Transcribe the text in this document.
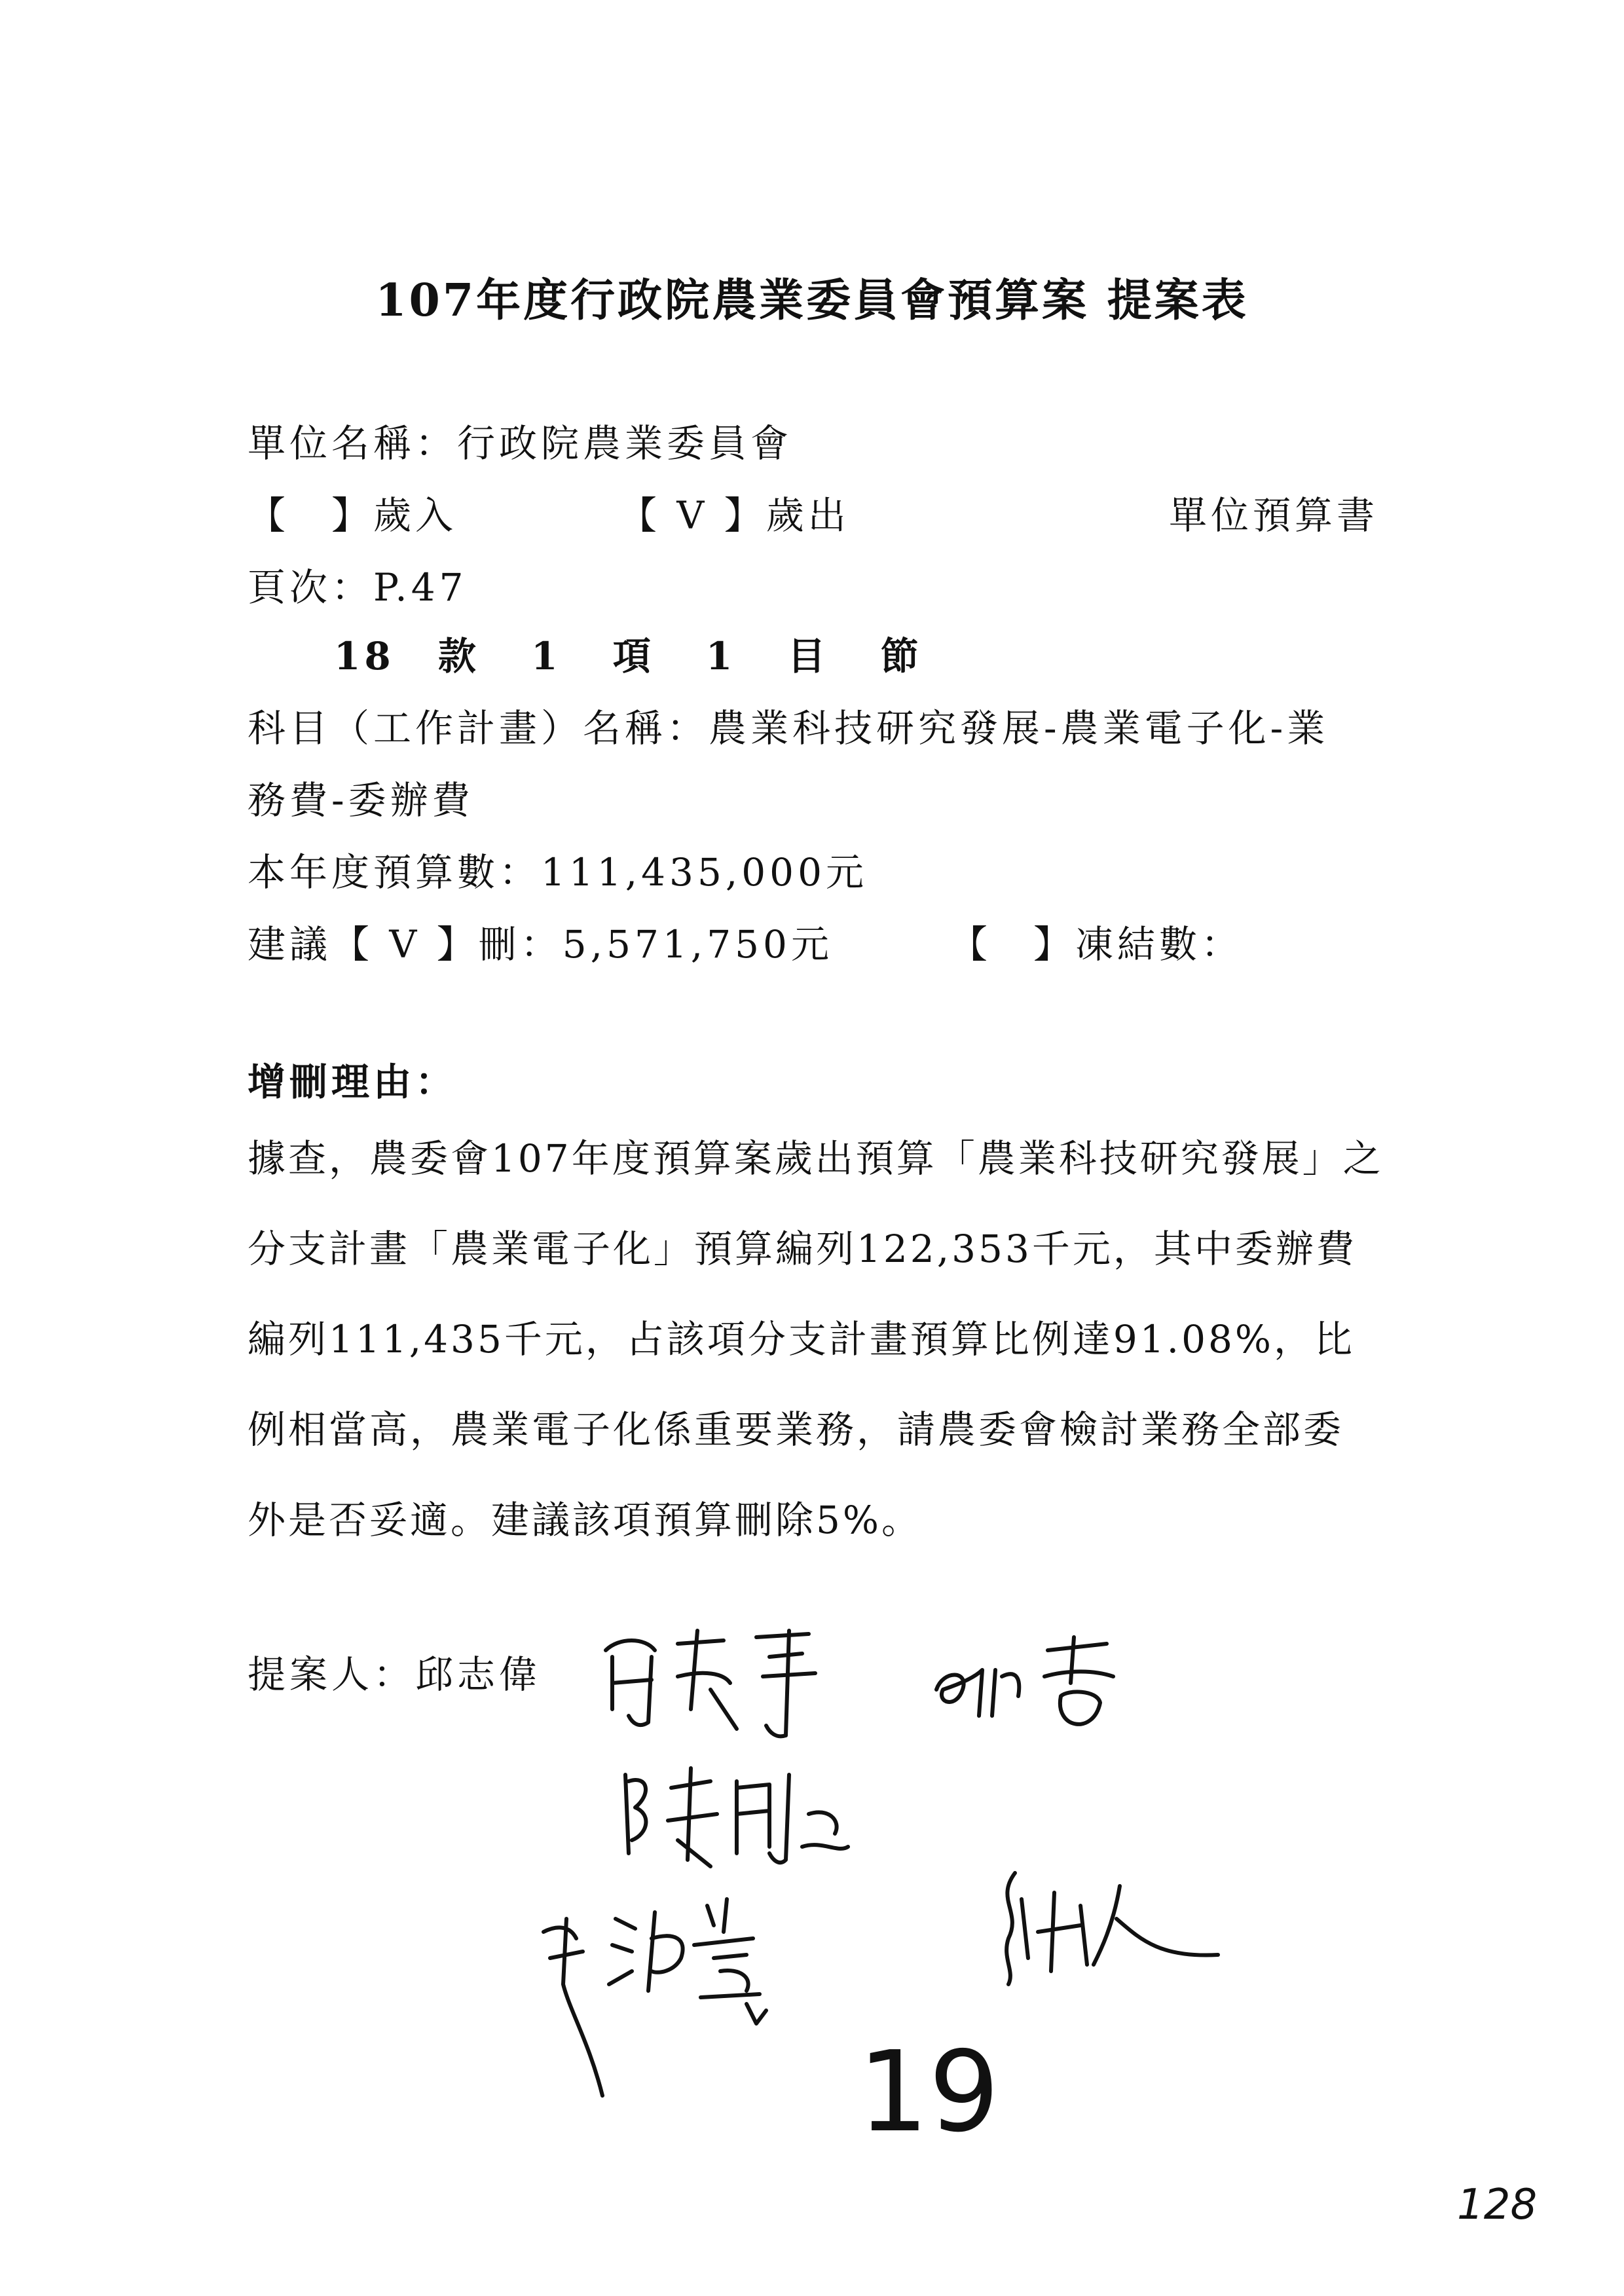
107年度行政院農業委員會預算案 提案表
單位名稱：行政院農業委員會
【　】歲入	【 V 】歲出	單位預算書
頁次：P.47
18 款 1 項 1 目 節
科目（工作計畫）名稱：農業科技研究發展-農業電子化-業
務費-委辦費
本年度預算數：111,435,000元
建議【 V 】刪：5,571,750元	【　】凍結數：
增刪理由：
據查，農委會107年度預算案歲出預算「農業科技研究發展」之分支計畫「農業電子化」預算編列122,353千元，其中委辦費編列111,435千元，占該項分支計畫預算比例達91.08%，比例相當高，農業電子化係重要業務，請農委會檢討業務全部委外是否妥適。建議該項預算刪除5%。
提案人：邱志偉
19
128
